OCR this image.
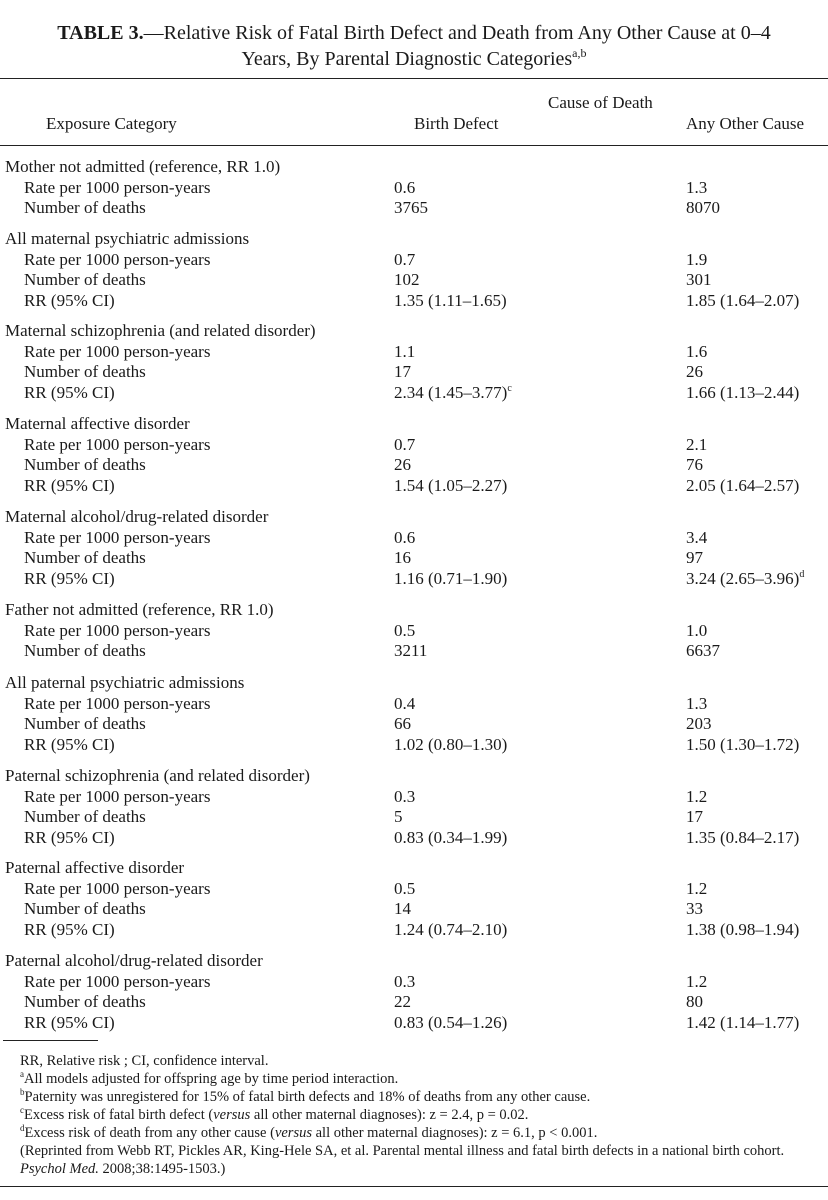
TABLE 3.—Relative Risk of Fatal Birth Defect and Death from Any Other Cause at 0–4
Years, By Parental Diagnostic Categories$^{a,b}$
Cause of Death
Exposure Category	Birth Defect	Any Other Cause
Mother not admitted (reference, RR 1.0)
Rate per 1000 person-years	0.6	1.3
Number of deaths	3765	8070
All maternal psychiatric admissions
Rate per 1000 person-years	0.7	1.9
Number of deaths	102	301
RR (95% CI)	1.35 (1.11–1.65)	1.85 (1.64–2.07)
Maternal schizophrenia (and related disorder)
Rate per 1000 person-years	1.1	1.6
Number of deaths	17	26
RR (95% CI)	2.34 $(1.45-3.77)^c$	1.66 (1.13–2.44)
Maternal affective disorder
Rate per 1000 person-years	0.7	2.1
Number of deaths	26	76
RR (95% CI)	1.54 (1.05–2.27)	2.05 (1.64–2.57)
Maternal alcohol/drug-related disorder
Rate per 1000 person-years	0.6	3.4
Number of deaths	16	97
RR (95% CI)	1.16 (0.71–1.90)	3.24 $(2.65-3.96)^d$
Father not admitted (reference, RR 1.0)
Rate per 1000 person-years	0.5	1.0
Number of deaths	3211	6637
All paternal psychiatric admissions
Rate per 1000 person-years	0.4	1.3
Number of deaths	66	203
RR (95% CI)	1.02 (0.80–1.30)	1.50 (1.30–1.72)
Paternal schizophrenia (and related disorder)
Rate per 1000 person-years	0.3	1.2
Number of deaths	5	17
RR (95% CI)	0.83 (0.34–1.99)	1.35 (0.84–2.17)
Paternal affective disorder
Rate per 1000 person-years	0.5	1.2
Number of deaths	14	33
RR (95% CI)	1.24 (0.74–2.10)	1.38 (0.98–1.94)
Paternal alcohol/drug-related disorder
Rate per 1000 person-years	0.3	1.2
Number of deaths	22	80
RR (95% CI)	0.83 (0.54–1.26)	1.42 (1.14–1.77)
RR, Relative risk ; CI, confidence interval.
$^a$All models adjusted for offspring age by time period interaction.
$^b$Paternity was unregistered for 15% of fatal birth defects and 18% of deaths from any other cause.
$^c$Excess risk of fatal birth defect (versus all other maternal diagnoses): z = 2.4, p = 0.02.
$^d$Excess risk of death from any other cause (versus all other maternal diagnoses): z = 6.1, p < 0.001.
(Reprinted from Webb RT, Pickles AR, King-Hele SA, et al. Parental mental illness and fatal birth defects in a national birth cohort. Psychol Med. 2008;38:1495-1503.)
